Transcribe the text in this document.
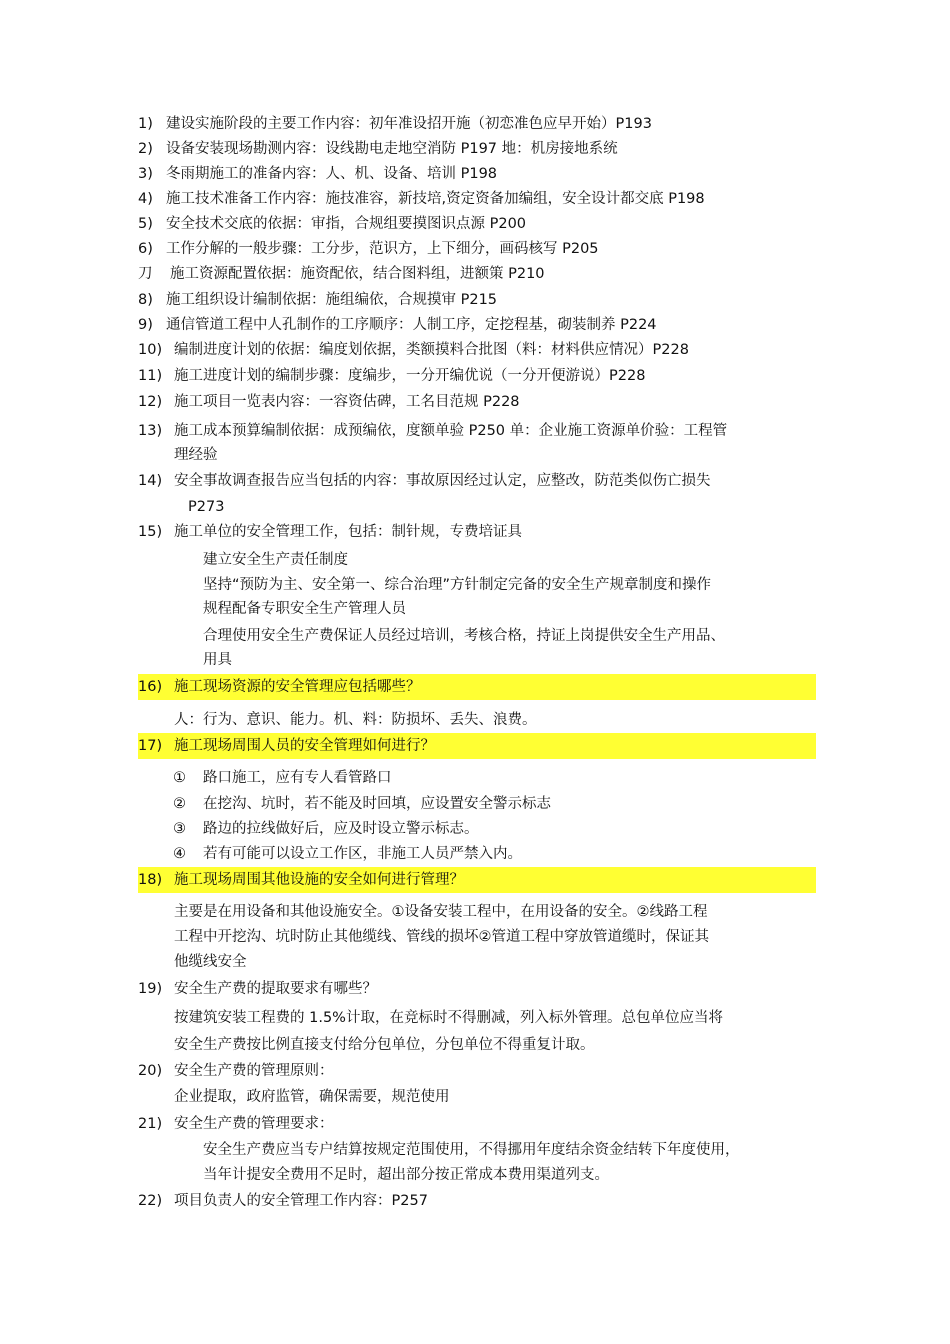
1) 建设实施阶段的主要工作内容：初年准设招开施（初恋准色应早开始）P193
2) 设备安装现场勘测内容：设线勘电走地空消防 P197 地：机房接地系统
3) 冬雨期施工的准备内容：人、机、设备、培训 P198
4) 施工技术准备工作内容：施技准容，新技培,资定资备加编组，安全设计都交底 P198
5) 安全技术交底的依据：审指，合规组要摸图识点源 P200
6) 工作分解的一般步骤：工分步，范识方，上下细分，画码核写 P205
刀 施工资源配置依据：施资配依，结合图料组，进额策 P210
8) 施工组织设计编制依据：施组编依，合规摸审 P215
9) 通信管道工程中人孔制作的工序顺序：人制工序，定挖程基，砌装制养 P224
10) 编制进度计划的依据：编度划依据，类额摸料合批图（料：材料供应情况）P228
11) 施工进度计划的编制步骤：度编步，一分开编优说（一分开便游说）P228
12) 施工项目一览表内容：一容资估碑，工名目范规 P228
13) 施工成本预算编制依据：成预编依，度额单验 P250 单：企业施工资源单价验：工程管
理经验
14) 安全事故调查报告应当包括的内容：事故原因经过认定，应整改，防范类似伤亡损失
P273
15) 施工单位的安全管理工作，包括：制针规，专费培证具
建立安全生产责任制度
坚持“预防为主、安全第一、综合治理”方针制定完备的安全生产规章制度和操作
规程配备专职安全生产管理人员
合理使用安全生产费保证人员经过培训，考核合格，持证上岗提供安全生产用品、
用具
16) 施工现场资源的安全管理应包括哪些？
人：行为、意识、能力。机、料：防损坏、丢失、浪费。
17) 施工现场周围人员的安全管理如何进行？
① 路口施工，应有专人看管路口
② 在挖沟、坑时，若不能及时回填，应设置安全警示标志
③ 路边的拉线做好后，应及时设立警示标志。
④ 若有可能可以设立工作区，非施工人员严禁入内。
18) 施工现场周围其他设施的安全如何进行管理？
主要是在用设备和其他设施安全。①设备安装工程中，在用设备的安全。②线路工程
工程中开挖沟、坑时防止其他缆线、管线的损坏②管道工程中穿放管道缆时，保证其
他缆线安全
19) 安全生产费的提取要求有哪些？
按建筑安装工程费的 1.5%计取，在竞标时不得删减，列入标外管理。总包单位应当将
安全生产费按比例直接支付给分包单位，分包单位不得重复计取。
20) 安全生产费的管理原则：
企业提取，政府监管，确保需要，规范使用
21) 安全生产费的管理要求：
安全生产费应当专户结算按规定范围使用，不得挪用年度结余资金结转下年度使用，
当年计提安全费用不足时，超出部分按正常成本费用渠道列支。
22) 项目负责人的安全管理工作内容：P257
